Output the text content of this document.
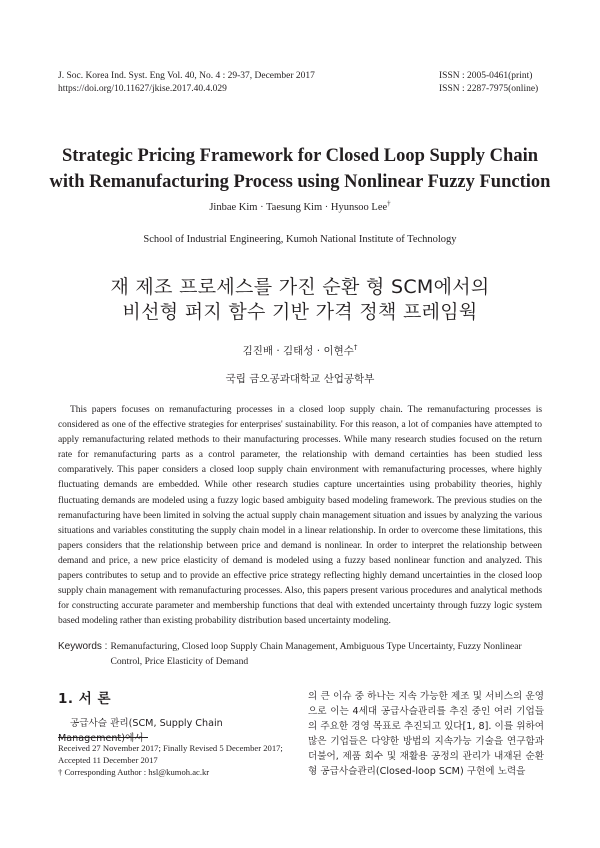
J. Soc. Korea Ind. Syst. Eng Vol. 40, No. 4 : 29-37, December 2017
https://doi.org/10.11627/jkise.2017.40.4.029
ISSN : 2005-0461(print)
ISSN : 2287-7975(online)
Strategic Pricing Framework for Closed Loop Supply Chain
with Remanufacturing Process using Nonlinear Fuzzy Function
Jinbae Kim · Taesung Kim · Hyunsoo Lee†
School of Industrial Engineering, Kumoh National Institute of Technology
재 제조 프로세스를 가진 순환 형 SCM에서의
비선형 퍼지 함수 기반 가격 정책 프레임웍
김진배 · 김태성 · 이현수†
국립 금오공과대학교 산업공학부
This papers focuses on remanufacturing processes in a closed loop supply chain. The remanufacturing processes is considered as one of the effective strategies for enterprises' sustainability. For this reason, a lot of companies have attempted to apply remanufacturing related methods to their manufacturing processes. While many research studies focused on the return rate for remanufacturing parts as a control parameter, the relationship with demand certainties has been studied less comparatively. This paper considers a closed loop supply chain environment with remanufacturing processes, where highly fluctuating demands are embedded. While other research studies capture uncertainties using probability theories, highly fluctuating demands are modeled using a fuzzy logic based ambiguity based modeling framework. The previous studies on the remanufacturing have been limited in solving the actual supply chain management situation and issues by analyzing the various situations and variables constituting the supply chain model in a linear relationship. In order to overcome these limitations, this papers considers that the relationship between price and demand is nonlinear. In order to interpret the relationship between demand and price, a new price elasticity of demand is modeled using a fuzzy based nonlinear function and analyzed. This papers contributes to setup and to provide an effective price strategy reflecting highly demand uncertainties in the closed loop supply chain management with remanufacturing processes. Also, this papers present various procedures and analytical methods for constructing accurate parameter and membership functions that deal with extended uncertainty through fuzzy logic system based modeling rather than existing probability distribution based uncertainty modeling.
Keywords : Remanufacturing, Closed loop Supply Chain Management, Ambiguous Type Uncertainty, Fuzzy Nonlinear Control, Price Elasticity of Demand
1. 서 론
공급사슬 관리(SCM, Supply Chain Management)에서
Received 27 November 2017; Finally Revised 5 December 2017;
Accepted 11 December 2017
† Corresponding Author : hsl@kumoh.ac.kr
의 큰 이슈 중 하나는 지속 가능한 제조 및 서비스의 운영으로 이는 4세대 공급사슬관리를 추진 중인 여러 기업들의 주요한 경영 목표로 추진되고 있다[1, 8]. 이를 위하여 많은 기업들은 다양한 방법의 지속가능 기술을 연구함과 더불어, 제품 회수 및 재활용 공정의 관리가 내재된 순환 형 공급사슬관리(Closed-loop SCM) 구현에 노력을
